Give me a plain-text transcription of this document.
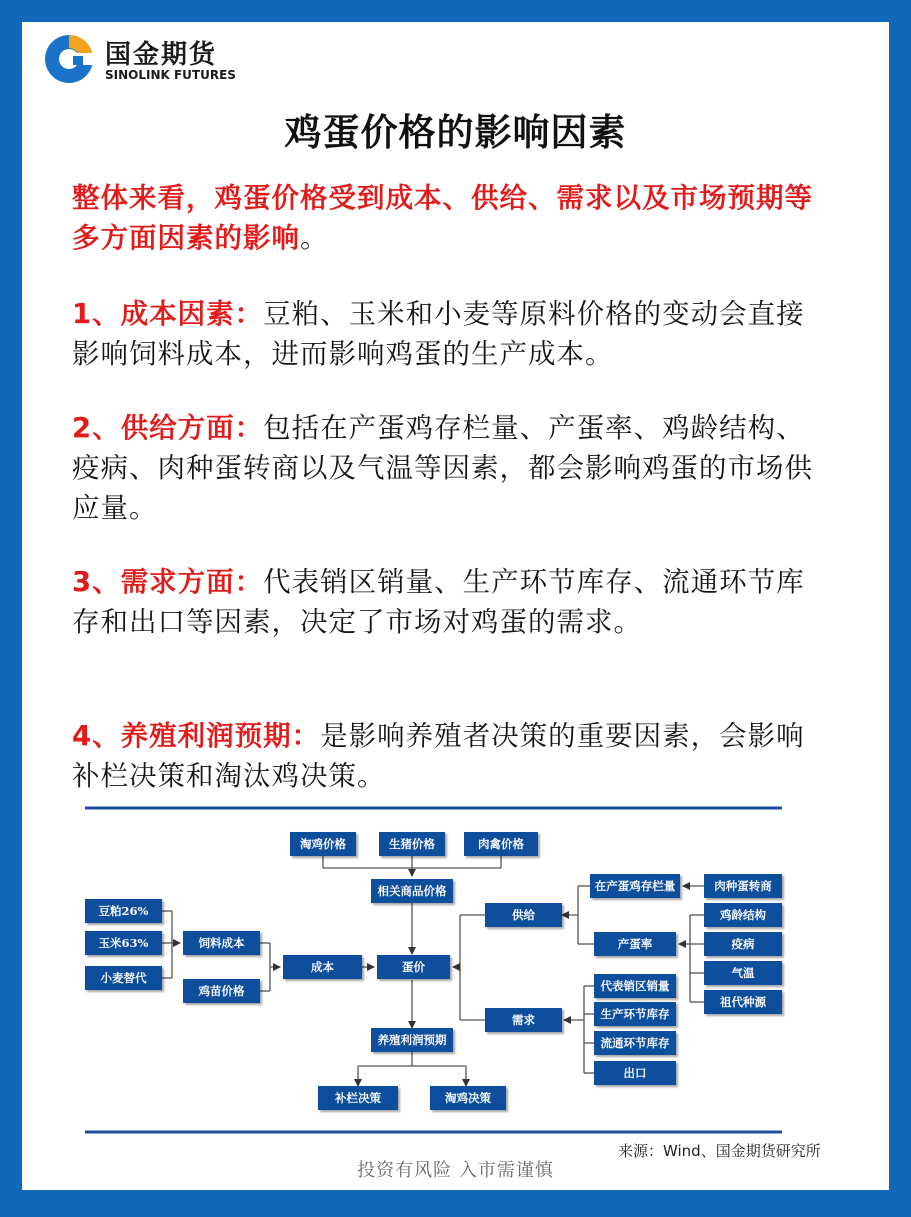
国金期货
SINOLINK FUTURES
鸡蛋价格的影响因素
整体来看，鸡蛋价格受到成本、供给、需求以及市场预期等多方面因素的影响。
1、成本因素：豆粕、玉米和小麦等原料价格的变动会直接影响饲料成本，进而影响鸡蛋的生产成本。
2、供给方面：包括在产蛋鸡存栏量、产蛋率、鸡龄结构、疫病、肉种蛋转商以及气温等因素，都会影响鸡蛋的市场供应量。
3、需求方面：代表销区销量、生产环节库存、流通环节库存和出口等因素，决定了市场对鸡蛋的需求。
4、养殖利润预期：是影响养殖者决策的重要因素，会影响补栏决策和淘汰鸡决策。
淘鸡价格	生猪价格	肉禽价格
相关商品价格
豆粕26%
玉米63%
小麦替代
饲料成本
鸡苗价格
成本	蛋价
供给
需求
在产蛋鸡存栏量
产蛋率
肉种蛋转商
鸡龄结构
疫病
气温
祖代种源
代表销区销量
生产环节库存
流通环节库存
出口
养殖利润预期
补栏决策	淘鸡决策
来源：Wind、国金期货研究所
投资有风险 入市需谨慎
